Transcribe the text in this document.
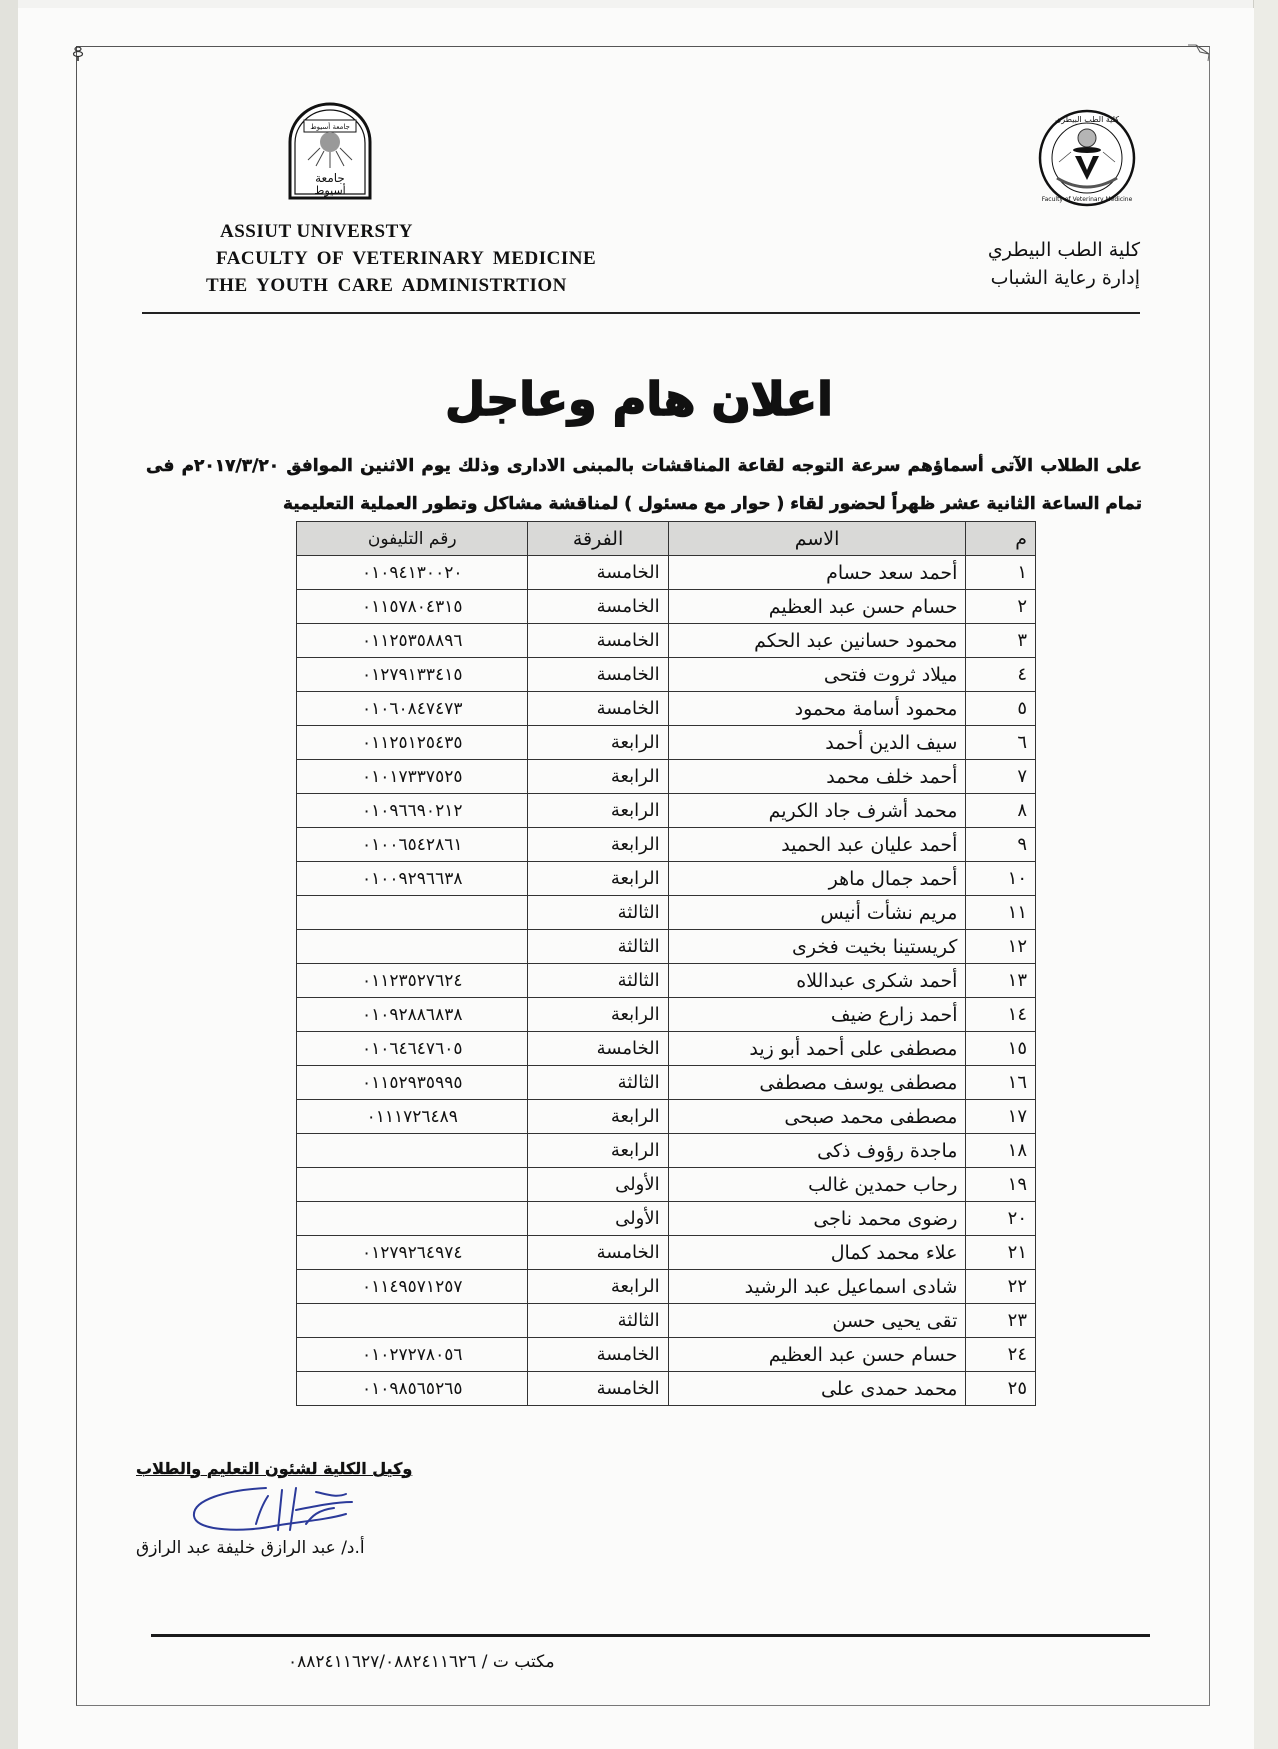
جامعة أسيوط
جامعة
أسيوط
ASSIUT UNIVERSTY
FACULTY OF VETERINARY MEDICINE
THE YOUTH CARE ADMINISTRTION
كلية الطب البيطرى
Faculty of Veterinary Medicine
كلية الطب البيطري
إدارة رعاية الشباب
اعلان هام وعاجل
على الطلاب الآتى أسماؤهم سرعة التوجه لقاعة المناقشات بالمبنى الادارى وذلك يوم الاثنين الموافق ٢٠١٧/٣/٢٠م فى تمام الساعة الثانية عشر ظهراً لحضور لقاء ( حوار مع مسئول ) لمناقشة مشاكل وتطور العملية التعليمية
م	الاسم	الفرقة	رقم التليفون
١	أحمد سعد حسام	الخامسة	٠١٠٩٤١٣٠٠٢٠
٢	حسام حسن عبد العظيم	الخامسة	٠١١٥٧٨٠٤٣١٥
٣	محمود حسانين عبد الحكم	الخامسة	٠١١٢٥٣٥٨٨٩٦
٤	ميلاد ثروت فتحى	الخامسة	٠١٢٧٩١٣٣٤١٥
٥	محمود أسامة محمود	الخامسة	٠١٠٦٠٨٤٧٤٧٣
٦	سيف الدين أحمد	الرابعة	٠١١٢٥١٢٥٤٣٥
٧	أحمد خلف محمد	الرابعة	٠١٠١٧٣٣٧٥٢٥
٨	محمد أشرف جاد الكريم	الرابعة	٠١٠٩٦٦٩٠٢١٢
٩	أحمد عليان عبد الحميد	الرابعة	٠١٠٠٦٥٤٢٨٦١
١٠	أحمد جمال ماهر	الرابعة	٠١٠٠٩٢٩٦٦٣٨
١١	مريم نشأت أنيس	الثالثة	
١٢	كريستينا بخيت فخرى	الثالثة	
١٣	أحمد شكرى عبداللاه	الثالثة	٠١١٢٣٥٢٧٦٢٤
١٤	أحمد زارع ضيف	الرابعة	٠١٠٩٢٨٨٦٨٣٨
١٥	مصطفى على أحمد أبو زيد	الخامسة	٠١٠٦٤٦٤٧٦٠٥
١٦	مصطفى يوسف مصطفى	الثالثة	٠١١٥٢٩٣٥٩٩٥
١٧	مصطفى محمد صبحى	الرابعة	٠١١١٧٢٦٤٨٩
١٨	ماجدة رؤوف ذكى	الرابعة	
١٩	رحاب حمدين غالب	الأولى	
٢٠	رضوى محمد ناجى	الأولى	
٢١	علاء محمد كمال	الخامسة	٠١٢٧٩٢٦٤٩٧٤
٢٢	شادى اسماعيل عبد الرشيد	الرابعة	٠١١٤٩٥٧١٢٥٧
٢٣	تقى يحيى حسن	الثالثة	
٢٤	حسام حسن عبد العظيم	الخامسة	٠١٠٢٧٢٧٨٠٥٦
٢٥	محمد حمدى على	الخامسة	٠١٠٩٨٥٦٥٢٦٥
وكيل الكلية لشئون التعليم والطلاب
أ.د/ عبد الرازق خليفة عبد الرازق
مكتب ت / ٠٨٨٢٤١١٦٢٧/٠٨٨٢٤١١٦٢٦
